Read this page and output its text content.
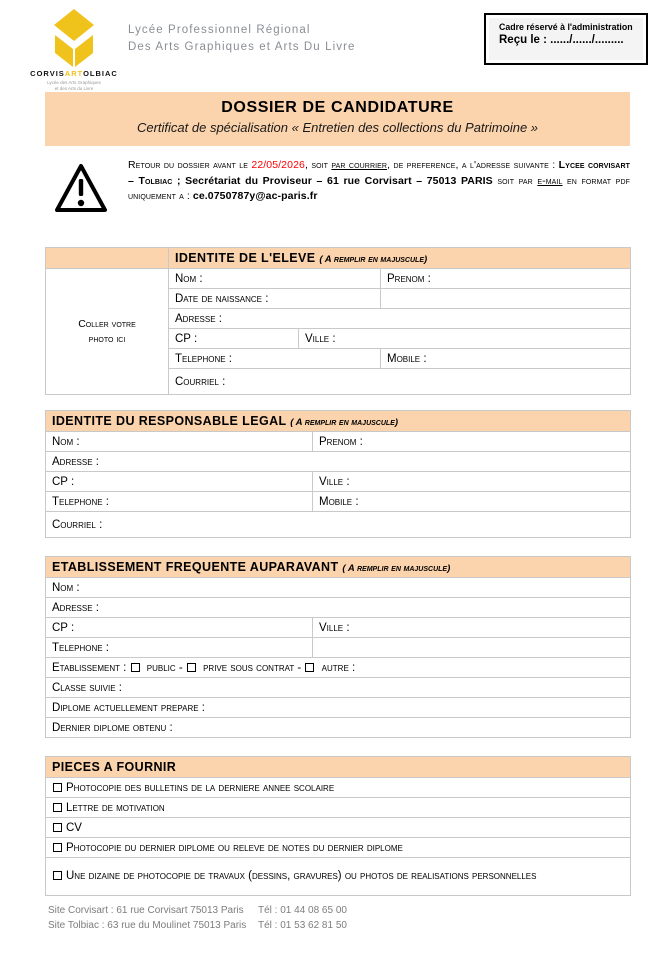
CORVISARTOLBIAC
Lycée des Arts Graphiques
et des Arts du Livre
Lycée Professionnel Régional
Des Arts Graphiques et Arts Du Livre
Cadre réservé à l'administration
Reçu le : ....../....../.........
DOSSIER DE CANDIDATURE
Certificat de spécialisation « Entretien des collections du Patrimoine »
Retour du dossier avant le 22/05/2026, soit par courrier, de preference, a l'adresse suivante : Lycee corvisart – Tolbiac ; Secrétariat du Proviseur – 61 rue Corvisart – 75013 PARIS soit par e-mail en format pdf uniquement a : ce.0750787y@ac-paris.fr
	IDENTITE DE L'ELEVE ( A remplir en majuscule)		

Coller votre
photo ici	Nom :		Prenom :
	Date de naissance :		
	Adresse :		
	CP :	Ville :	
	Telephone :		Mobile :
	Courriel :		
IDENTITE DU RESPONSABLE LEGAL ( A remplir en majuscule)	
Nom :	Prenom :
Adresse :	
CP :	Ville :
Telephone :	Mobile :
Courriel :	
ETABLISSEMENT FREQUENTE AUPARAVANT ( A remplir en majuscule)	
Nom :	
Adresse :	
CP :	Ville :
Telephone :	
Etablissement :  public -  prive sous contrat -  autre :	
Classe suivie :	
Diplome actuellement prepare :	
Dernier diplome obtenu :	
PIECES A FOURNIR
Photocopie des bulletins de la derniere annee scolaire
Lettre de motivation
CV
Photocopie du dernier diplome ou releve de notes du dernier diplome
Une dizaine de photocopie de travaux (dessins, gravures) ou photos de realisations personnelles
Site Corvisart : 61 rue Corvisart 75013 Paris Tél : 01 44 08 65 00
Site Tolbiac : 63 rue du Moulinet 75013 Paris Tél : 01 53 62 81 50
